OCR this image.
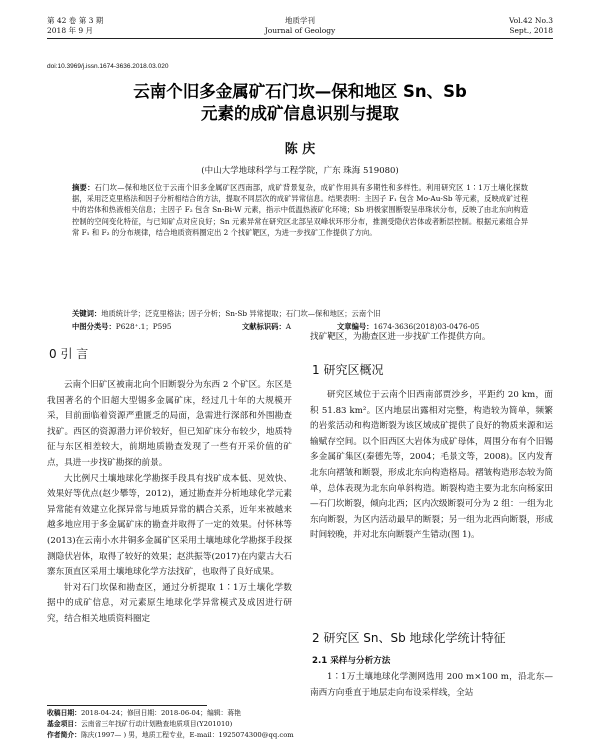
第 42 卷 第 3 期
2018 年 9 月
地质学刊
Journal of Geology
Vol.42 No.3
Sept., 2018
doi:10.3969/j.issn.1674-3636.2018.03.020
云南个旧多金属矿石门坎—保和地区 Sn、Sb
元素的成矿信息识别与提取
陈 庆
(中山大学地球科学与工程学院，广东 珠海 519080)
摘要：石门坎—保和地区位于云南个旧多金属矿区西南部，成矿背景复杂，成矿作用具有多期性和多样性。利用研究区 1∶1万土壤化探数据，采用泛克里格法和因子分析相结合的方法，提取不同层次的成矿异常信息。结果表明：主因子 F₁ 包含 Mo-Au-Sb 等元素，反映成矿过程中的岩体和热液相关信息；主因子 F₂ 包含 Sn-Bi-W 元素，指示中低温热液矿化环境；Sb 坍极家围断裂呈串珠状分布，反映了由北东向构造控制的空间变化特征，与已知矿点对应良好；Sn 元素异常在研究区北部呈双峰状环形分布，推测受隐伏岩体或者断层控制。根据元素组合异常 F₁ 和 F₂ 的分布规律，结合地质资料圈定出 2 个找矿靶区，为进一步找矿工作提供了方向。
关键词：地质统计学；泛克里格法；因子分析；Sn-Sb 异常提取；石门坎—保和地区；云南个旧
中图分类号：P628⁺.1；P595	文献标识码：A	文章编号：1674-3636(2018)03-0476-05
0 引 言

云南个旧矿区被南北向个旧断裂分为东西 2 个矿区。东区是我国著名的个旧超大型锡多金属矿床，经过几十年的大规模开采，目前面临着资源严重匮乏的局面，急需进行深部和外围勘查找矿。西区的资源潜力评价较好，但已知矿床分布较少，地质特征与东区相差较大，前期地质勘查发现了一些有开采价值的矿点，具进一步找矿勘探的前景。

大比例尺土壤地球化学勘探手段具有找矿成本低、见效快、效果好等优点(赵少攀等，2012)，通过勘查并分析地球化学元素异常能有效建立化探异常与地质异常的耦合关系，近年来被越来越多地应用于多金属矿床的勘查并取得了一定的效果。付怀林等(2013)在云南小水井铜多金属矿区采用土壤地球化学勘探手段探测隐伏岩体，取得了较好的效果；赵洪振等(2017)在内蒙古大石寨东顶直区采用土壤地球化学方法找矿，也取得了良好成果。

针对石门坎保和勘查区，通过分析提取 1∶1万土壤化学数据中的成矿信息，对元素原生地球化学异常模式及成因进行研究，结合相关地质资料圈定

找矿靶区，为勘查区进一步找矿工作提供方向。

1 研究区概况

研究区域位于云南个旧西南部贾沙乡，平距约 20 km，面积 51.83 km²。区内地层出露相对完整，构造较为简单，频繁的岩浆活动和构造断裂为该区域成矿提供了良好的物质来源和运输赋存空间。以个旧西区大岩体为成矿母体，周围分布有个旧锡多金属矿集区(秦德先等，2004；毛景文等，2008)。区内发育北东向褶皱和断裂，形成北东向构造格局。褶皱构造形态较为简单，总体表现为北东向单斜构造。断裂构造主要为北东向杨家田—石门坎断裂，倾向北西；区内次级断裂可分为 2 组：一组为北东向断裂，为区内活动最早的断裂；另一组为北西向断裂，形成时间较晚，并对北东向断裂产生错动(图 1)。

2 研究区 Sn、Sb 地球化学统计特征
2.1 采样与分析方法

1∶1万土壤地球化学测网选用 200 m×100 m，沿北东—南西方向垂直于地层走向布设采样线，全站

收稿日期：2018-04-24；修回日期：2018-06-04；编辑：蒋艳
基金项目：云南省三年找矿行动计划勘查地质项目(Y201010)
作者简介：陈庆(1997— ) 男，地质工程专业，E-mail：1925074300@qq.com
